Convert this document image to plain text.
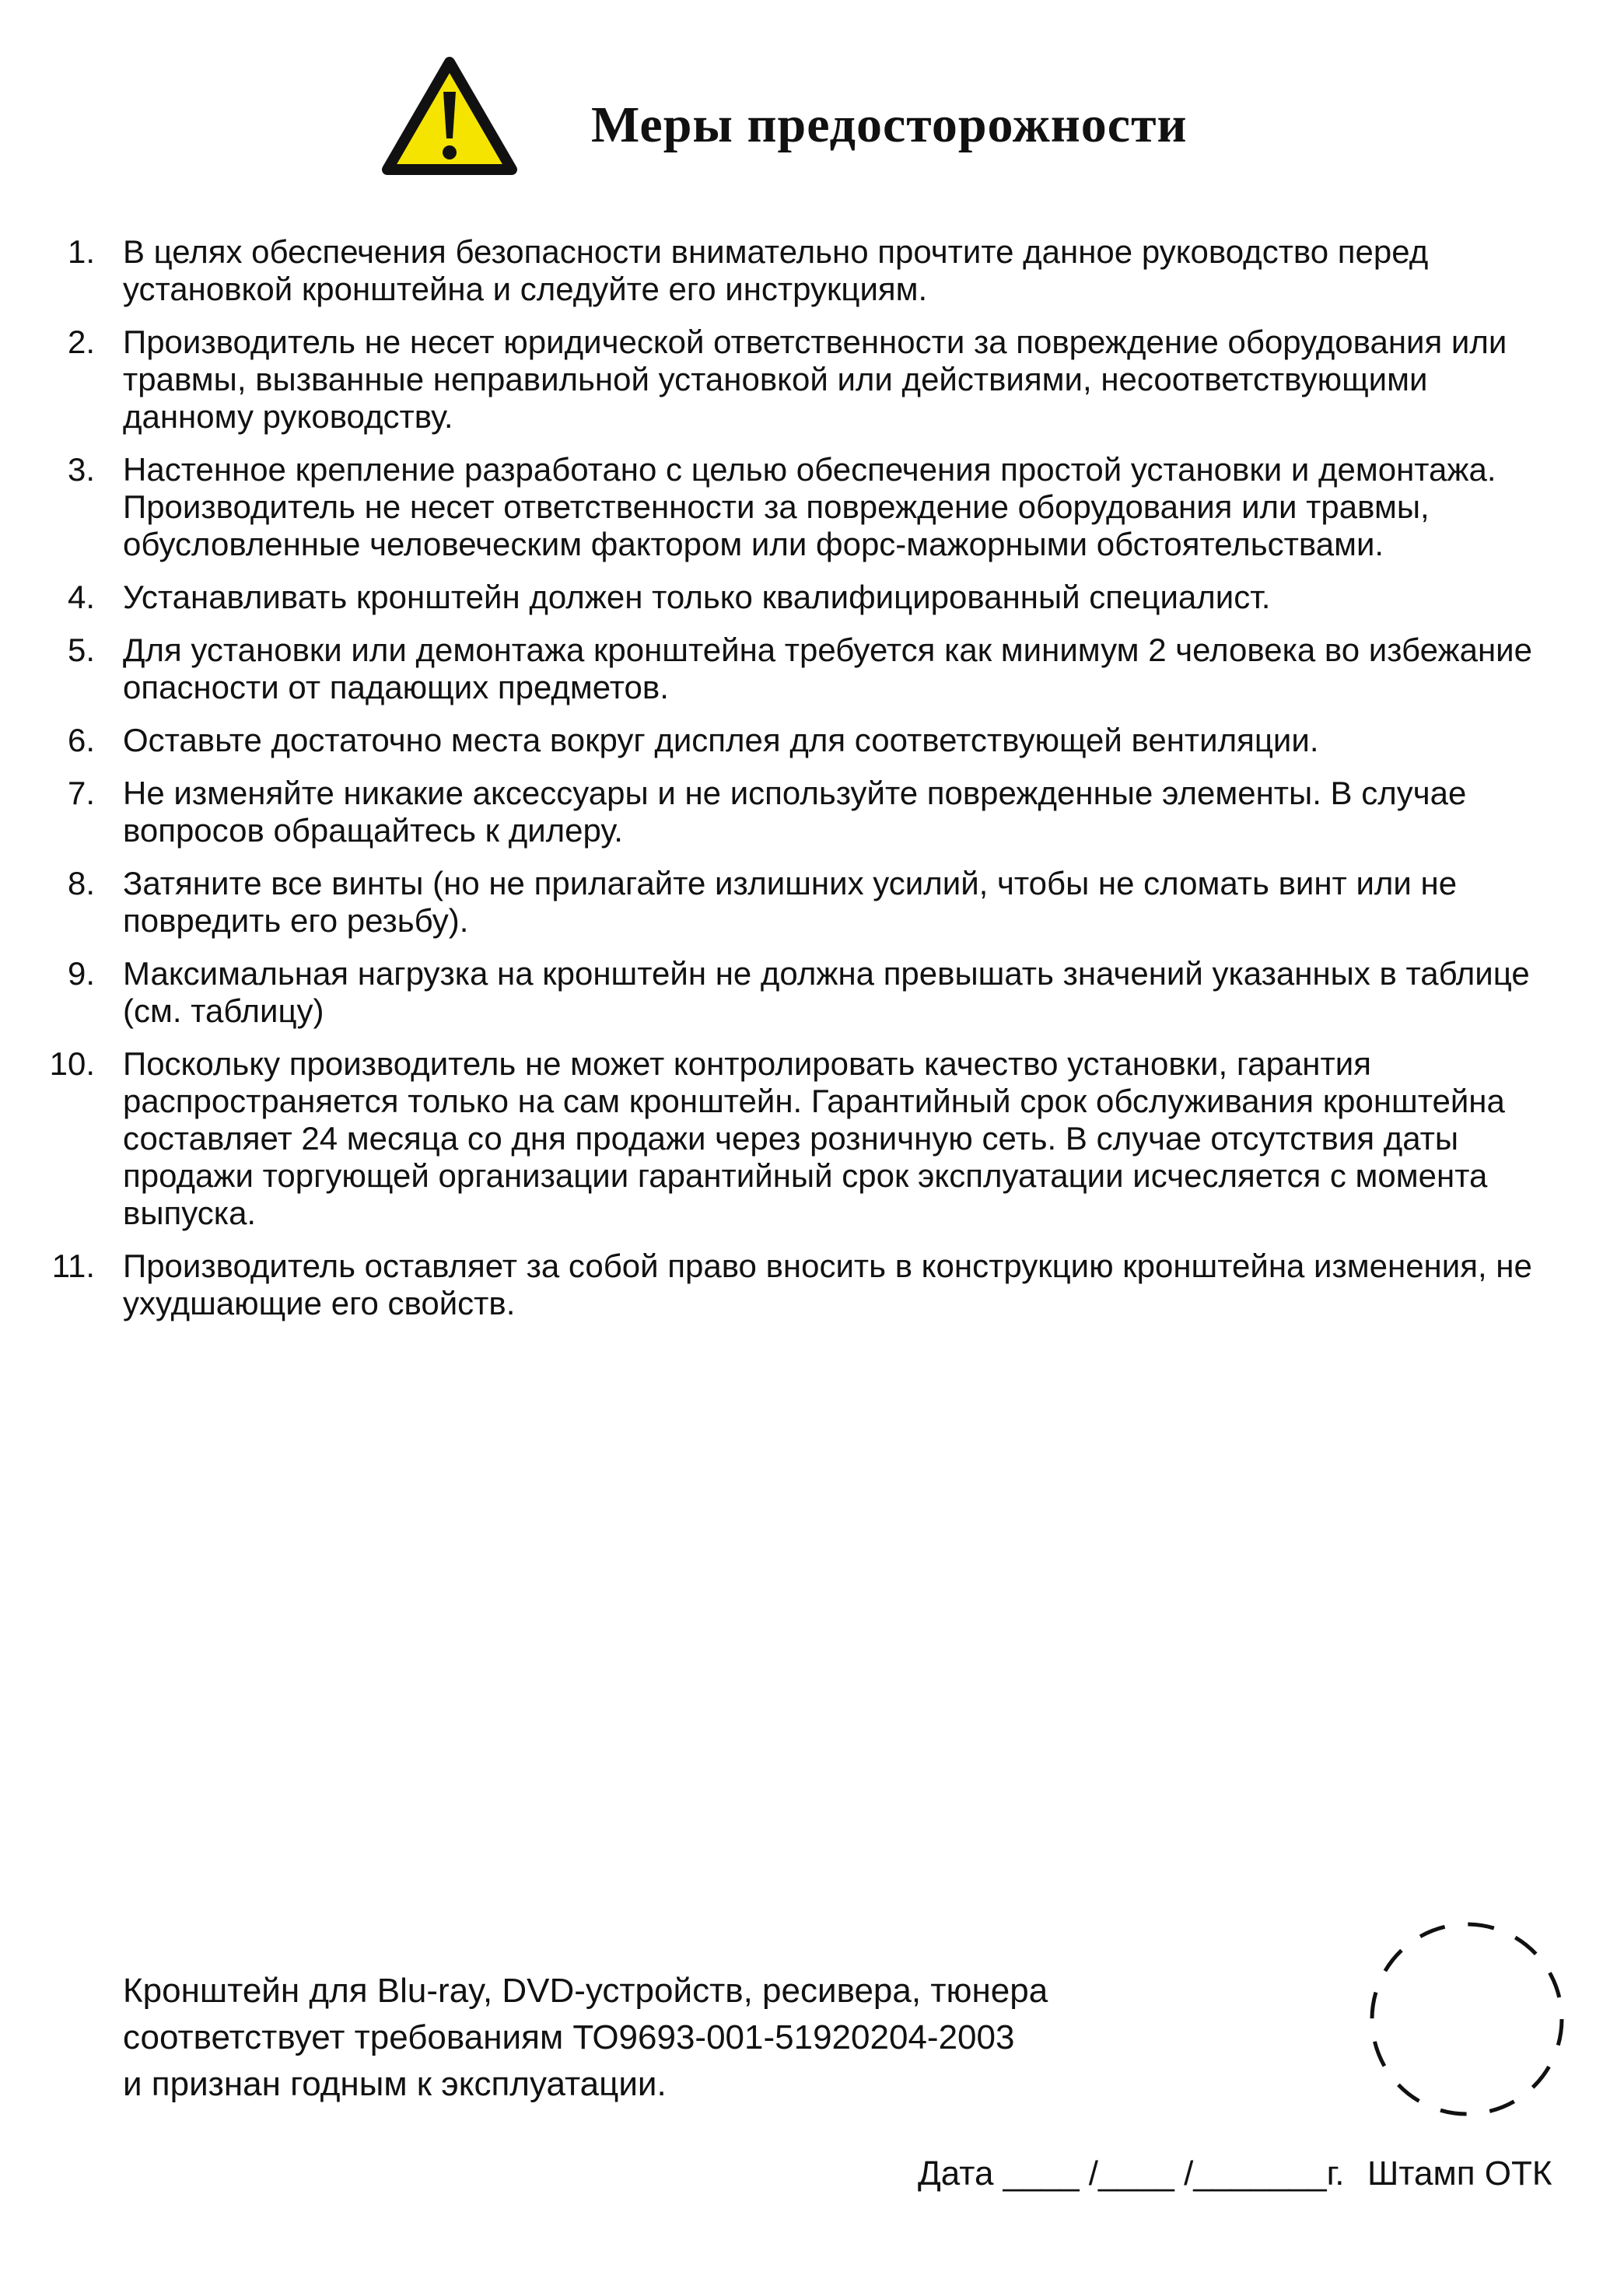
Меры предосторожности
1. В целях обеспечения безопасности внимательно прочтите данное руководство перед установкой кронштейна и следуйте его инструкциям.
2. Производитель не несет юридической ответственности за повреждение оборудования или травмы, вызванные неправильной установкой или действиями, несоответствующими данному руководству.
3. Настенное крепление разработано с целью обеспечения простой установки и демонтажа. Производитель не несет ответственности за повреждение оборудования или травмы, обусловленные человеческим фактором или форс-мажорными обстоятельствами.
4. Устанавливать кронштейн должен только квалифицированный специалист.
5. Для установки или демонтажа кронштейна требуется как минимум 2 человека во избежание опасности от падающих предметов.
6. Оставьте достаточно места вокруг дисплея для соответствующей вентиляции.
7. Не изменяйте никакие аксессуары и не используйте поврежденные элементы. В случае вопросов обращайтесь к дилеру.
8. Затяните все винты (но не прилагайте излишних усилий, чтобы не сломать винт или не повредить его резьбу).
9. Максимальная нагрузка на кронштейн не должна превышать значений указанных в таблице (см. таблицу)
10. Поскольку производитель не может контролировать качество установки, гарантия распространяется только на сам кронштейн. Гарантийный срок обслуживания кронштейна составляет 24 месяца со дня продажи через розничную сеть. В случае отсутствия даты продажи торгующей организации гарантийный срок эксплуатации исчесляется с момента выпуска.
11. Производитель оставляет за собой право вносить в конструкцию кронштейна изменения, не ухудшающие его свойств.
Кронштейн для Blu-ray, DVD-устройств, ресивера, тюнера
соответствует требованиям ТО9693-001-51920204-2003
и признан годным к эксплуатации.
Дата ____ /____ /_______г. Штамп ОТК
